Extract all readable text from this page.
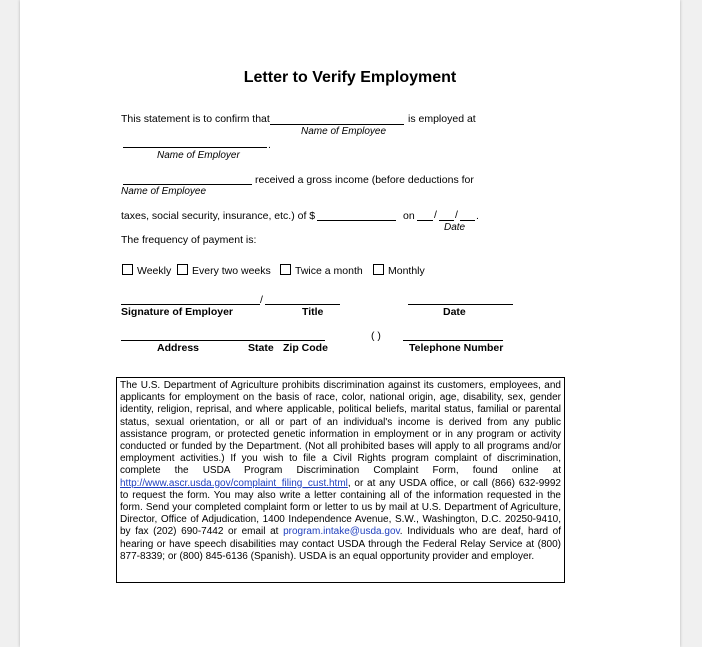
Letter to Verify Employment
This statement is to confirm that	is employed at
Name of Employee
.
Name of Employer
received a gross income (before deductions for
Name of Employee
taxes, social security, insurance, etc.) of $	on / / .
Date
The frequency of payment is:
Weekly	Every two weeks	Twice a month	Monthly
/
Signature of Employer	Title	Date
( )
Address	State Zip Code	Telephone Number
The U.S. Department of Agriculture prohibits discrimination against its customers, employees, and applicants for employment on the basis of race, color, national origin, age, disability, sex, gender identity, religion, reprisal, and where applicable, political beliefs, marital status, familial or parental status, sexual orientation, or all or part of an individual's income is derived from any public assistance program, or protected genetic information in employment or in any program or activity conducted or funded by the Department. (Not all prohibited bases will apply to all programs and/or employment activities.) If you wish to file a Civil Rights program complaint of discrimination, complete the USDA Program Discrimination Complaint Form, found online at http://www.ascr.usda.gov/complaint_filing_cust.html, or at any USDA office, or call (866) 632-9992 to request the form. You may also write a letter containing all of the information requested in the form. Send your completed complaint form or letter to us by mail at U.S. Department of Agriculture, Director, Office of Adjudication, 1400 Independence Avenue, S.W., Washington, D.C. 20250-9410, by fax (202) 690-7442 or email at program.intake@usda.gov. Individuals who are deaf, hard of hearing or have speech disabilities may contact USDA through the Federal Relay Service at (800) 877-8339; or (800) 845-6136 (Spanish). USDA is an equal opportunity provider and employer.
